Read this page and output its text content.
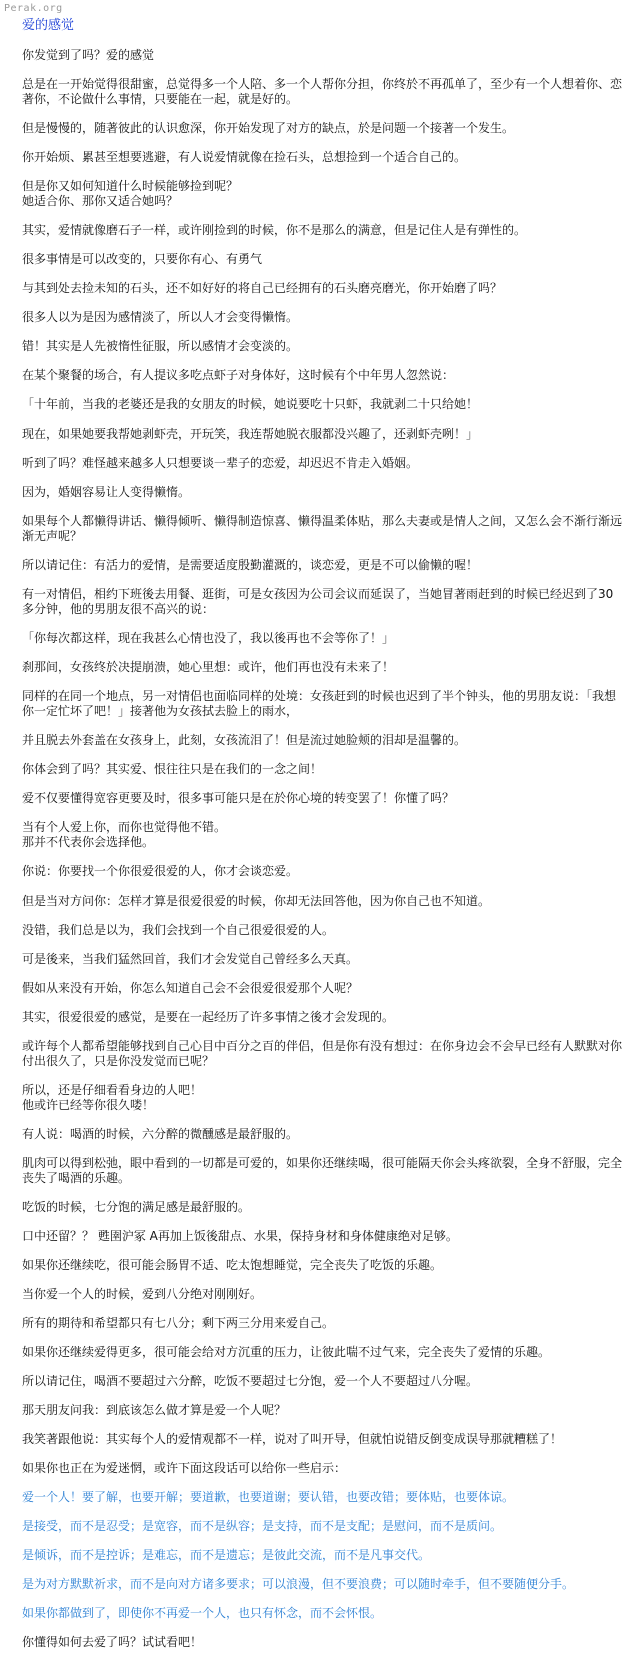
Perak.org
爱的感觉

你发觉到了吗？爱的感觉

总是在一开始觉得很甜蜜，总觉得多一个人陪、多一个人帮你分担，你终於不再孤单了，至少有一个人想着你、恋著你，不论做什么事情，只要能在一起，就是好的。

但是慢慢的，随著彼此的认识愈深，你开始发现了对方的缺点，於是问题一个接著一个发生。

你开始烦、累甚至想要逃避，有人说爱情就像在捡石头，总想捡到一个适合自己的。

但是你又如何知道什么时候能够捡到呢？
她适合你、那你又适合她吗？

其实，爱情就像磨石子一样，或许刚捡到的时候，你不是那么的满意，但是记住人是有弹性的。

很多事情是可以改变的，只要你有心、有勇气

与其到处去捡未知的石头，还不如好好的将自己已经拥有的石头磨亮磨光，你开始磨了吗？

很多人以为是因为感情淡了，所以人才会变得懒惰。

错！其实是人先被惰性征服，所以感情才会变淡的。

在某个聚餐的场合，有人提议多吃点虾子对身体好，这时候有个中年男人忽然说：

「十年前，当我的老婆还是我的女朋友的时候，她说要吃十只虾，我就剥二十只给她！

现在，如果她要我帮她剥虾壳，开玩笑，我连帮她脱衣服都没兴趣了，还剥虾壳咧！」

听到了吗？难怪越来越多人只想要谈一辈子的恋爱，却迟迟不肯走入婚姻。

因为，婚姻容易让人变得懒惰。

如果每个人都懒得讲话、懒得倾听、懒得制造惊喜、懒得温柔体贴，那么夫妻或是情人之间，又怎么会不渐行渐远渐无声呢？

所以请记住：有活力的爱情，是需要适度殷勤灌溉的，谈恋爱，更是不可以偷懒的喔！

有一对情侣，相约下班後去用餐、逛街，可是女孩因为公司会议而延误了，当她冒著雨赶到的时候已经迟到了30多分钟，他的男朋友很不高兴的说：

「你每次都这样，现在我甚么心情也没了，我以後再也不会等你了！」

刹那间，女孩终於决提崩溃，她心里想：或许，他们再也没有未来了！

同样的在同一个地点，另一对情侣也面临同样的处境：女孩赶到的时候也迟到了半个钟头，他的男朋友说：「我想你一定忙坏了吧！」接著他为女孩拭去脸上的雨水，

并且脱去外套盖在女孩身上，此刻，女孩流泪了！但是流过她脸颊的泪却是温馨的。

你体会到了吗？其实爱、恨往往只是在我们的一念之间！

爱不仅要懂得宽容更要及时，很多事可能只是在於你心境的转变罢了！你懂了吗？

当有个人爱上你，而你也觉得他不错。
那并不代表你会选择他。

你说：你要找一个你很爱很爱的人，你才会谈恋爱。

但是当对方问你：怎样才算是很爱很爱的时候，你却无法回答他，因为你自己也不知道。

没错，我们总是以为，我们会找到一个自己很爱很爱的人。

可是後来，当我们猛然回首，我们才会发觉自己曾经多么天真。

假如从来没有开始，你怎么知道自己会不会很爱很爱那个人呢？

其实，很爱很爱的感觉，是要在一起经历了许多事情之後才会发现的。

或许每个人都希望能够找到自己心目中百分之百的伴侣，但是你有没有想过：在你身边会不会早已经有人默默对你付出很久了，只是你没发觉而已呢？

所以，还是仔细看看身边的人吧！
他或许已经等你很久喽！

有人说：喝酒的时候，六分醉的微醺感是最舒服的。

肌肉可以得到松弛，眼中看到的一切都是可爱的，如果你还继续喝，很可能隔天你会头疼欲裂，全身不舒服，完全丧失了喝酒的乐趣。

吃饭的时候，七分饱的满足感是最舒服的。

口中还留？？ 甦圉沪冢 A再加上饭後甜点、水果，保持身材和身体健康绝对足够。

如果你还继续吃，很可能会肠胃不适、吃太饱想睡觉，完全丧失了吃饭的乐趣。

当你爱一个人的时候，爱到八分绝对刚刚好。

所有的期待和希望都只有七八分；剩下两三分用来爱自己。

如果你还继续爱得更多，很可能会给对方沉重的压力，让彼此喘不过气来，完全丧失了爱情的乐趣。

所以请记住，喝酒不要超过六分醉，吃饭不要超过七分饱，爱一个人不要超过八分喔。

那天朋友问我：到底该怎么做才算是爱一个人呢？

我笑著跟他说：其实每个人的爱情观都不一样，说对了叫开导，但就怕说错反倒变成误导那就糟糕了！

如果你也正在为爱迷惘，或许下面这段话可以给你一些启示：

爱一个人！要了解，也要开解；要道歉，也要道谢；要认错，也要改错；要体贴，也要体谅。

是接受，而不是忍受；是宽容，而不是纵容；是支持，而不是支配；是慰问，而不是质问。

是倾诉，而不是控诉；是难忘，而不是遗忘；是彼此交流，而不是凡事交代。

是为对方默默祈求，而不是向对方诸多要求；可以浪漫，但不要浪费；可以随时牵手，但不要随便分手。

如果你都做到了，即使你不再爱一个人，也只有怀念，而不会怀恨。

你懂得如何去爱了吗？试试看吧！
